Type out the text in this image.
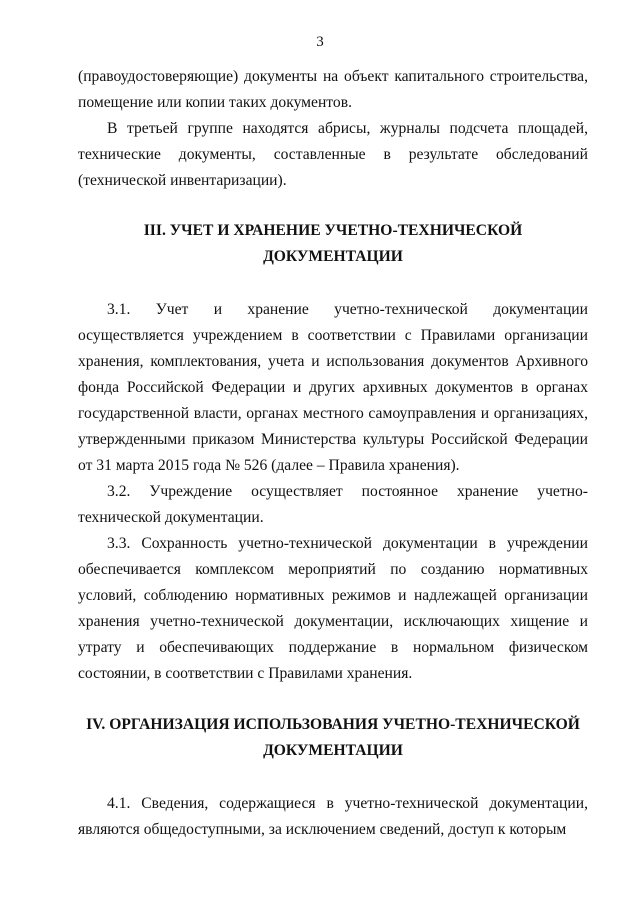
3

(правоудостоверяющие) документы на объект капитального строительства, помещение или копии таких документов.

В третьей группе находятся абрисы, журналы подсчета площадей, технические документы, составленные в результате обследований (технической инвентаризации).

III. УЧЕТ И ХРАНЕНИЕ УЧЕТНО-ТЕХНИЧЕСКОЙ
ДОКУМЕНТАЦИИ

3.1. Учет и хранение учетно-технической документации осуществляется учреждением в соответствии с Правилами организации хранения, комплектования, учета и использования документов Архивного фонда Российской Федерации и других архивных документов в органах государственной власти, органах местного самоуправления и организациях, утвержденными приказом Министерства культуры Российской Федерации от 31 марта 2015 года № 526 (далее – Правила хранения).

3.2. Учреждение осуществляет постоянное хранение учетно-технической документации.

3.3. Сохранность учетно-технической документации в учреждении обеспечивается комплексом мероприятий по созданию нормативных условий, соблюдению нормативных режимов и надлежащей организации хранения учетно-технической документации, исключающих хищение и утрату и обеспечивающих поддержание в нормальном физическом состоянии, в соответствии с Правилами хранения.

IV. ОРГАНИЗАЦИЯ ИСПОЛЬЗОВАНИЯ УЧЕТНО-ТЕХНИЧЕСКОЙ
ДОКУМЕНТАЦИИ

4.1. Сведения, содержащиеся в учетно-технической документации, являются общедоступными, за исключением сведений, доступ к которым
